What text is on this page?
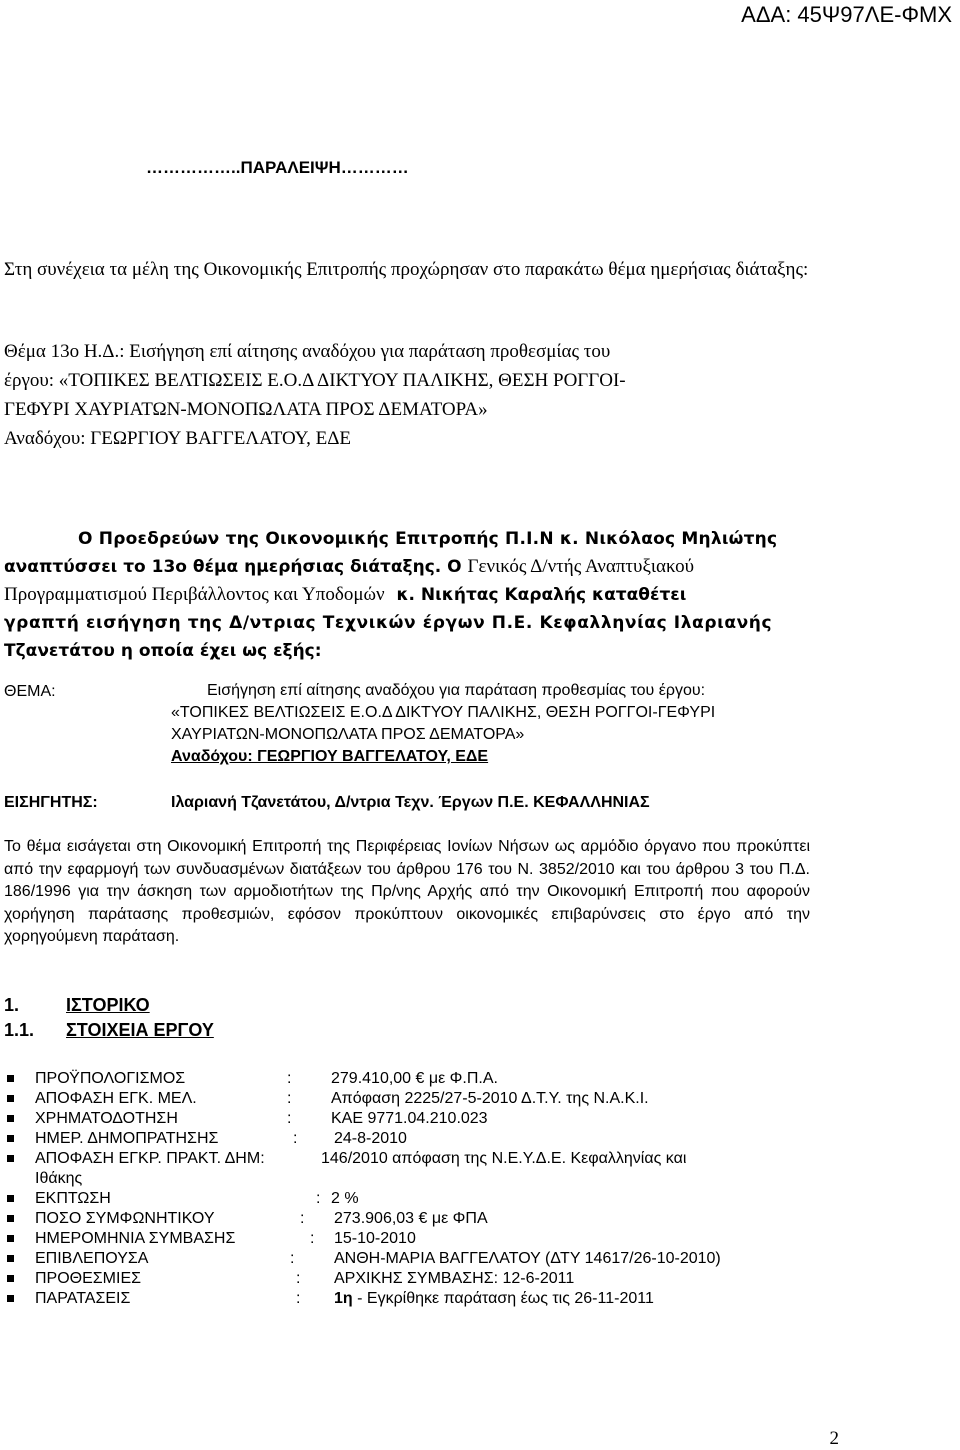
ΑΔΑ: 45Ψ97ΛΕ-ΦΜΧ
……………..ΠΑΡΑΛΕΙΨΗ…………
Στη συνέχεια τα μέλη της Οικονομικής Επιτροπής προχώρησαν στο παρακάτω θέμα ημερήσιας διάταξης:

Θέμα 13ο Η.Δ.: Εισήγηση επί αίτησης αναδόχου για παράταση προθεσμίας του

έργου: «ΤΟΠΙΚΕΣ ΒΕΛΤΙΩΣΕΙΣ Ε.Ο.Δ ΔΙΚΤΥΟΥ ΠΑΛΙΚΗΣ, ΘΕΣΗ ΡΟΓΓΟΙ-

ΓΕΦΥΡΙ ΧΑΥΡΙΑΤΩΝ-ΜΟΝΟΠΩΛΑΤΑ ΠΡΟΣ ΔΕΜΑΤΟΡΑ»

Αναδόχου: ΓΕΩΡΓΙΟΥ ΒΑΓΓΕΛΑΤΟΥ, ΕΔΕ

Ο Προεδρεύων της Οικονομικής Επιτροπής Π.Ι.Ν κ. Νικόλαος Μηλιώτης

αναπτύσσει το 13ο θέμα ημερήσιας διάταξης. Ο Γενικός Δ/ντής Αναπτυξιακού

Προγραμματισμού Περιβάλλοντος και Υποδομών κ. Νικήτας Καραλής καταθέτει

γραπτή εισήγηση της Δ/ντριας Τεχνικών έργων Π.Ε. Κεφαλληνίας Ιλαριανής

Τζανετάτου η οποία έχει ως εξής:

ΘΕΜΑ:	Εισήγηση επί αίτησης αναδόχου για παράταση προθεσμίας του έργου:

«ΤΟΠΙΚΕΣ ΒΕΛΤΙΩΣΕΙΣ Ε.Ο.Δ ΔΙΚΤΥΟΥ ΠΑΛΙΚΗΣ, ΘΕΣΗ ΡΟΓΓΟΙ-ΓΕΦΥΡΙ

ΧΑΥΡΙΑΤΩΝ-ΜΟΝΟΠΩΛΑΤΑ ΠΡΟΣ ΔΕΜΑΤΟΡΑ»

Αναδόχου: ΓΕΩΡΓΙΟΥ ΒΑΓΓΕΛΑΤΟΥ, ΕΔΕ

ΕΙΣΗΓΗΤΗΣ:	Ιλαριανή Τζανετάτου, Δ/ντρια Τεχν. Έργων Π.Ε. ΚΕΦΑΛΛΗΝΙΑΣ
Το θέμα εισάγεται στη Οικονομική Επιτροπή της Περιφέρειας Ιονίων Νήσων ως αρμόδιο όργανο που προκύπτει από την εφαρμογή των συνδυασμένων διατάξεων του άρθρου 176 του Ν. 3852/2010 και του άρθρου 3 του Π.Δ. 186/1996 για την άσκηση των αρμοδιοτήτων της Πρ/νης Αρχής από την Οικονομική Επιτροπή που αφορούν χορήγηση παράτασης προθεσμιών, εφόσον προκύπτουν οικονομικές επιβαρύνσεις στο έργο από την χορηγούμενη παράταση.
1.	ΙΣΤΟΡΙΚΟ
1.1. ΣΤΟΙΧΕΙΑ ΕΡΓΟΥ
ΠΡΟΫΠΟΛΟΓΙΣΜΟΣ	: 279.410,00 € με Φ.Π.Α.
ΑΠΟΦΑΣΗ ΕΓΚ. ΜΕΛ.	: Απόφαση 2225/27-5-2010 Δ.Τ.Υ. της Ν.Α.Κ.Ι.
ΧΡΗΜΑΤΟΔΟΤΗΣΗ	: ΚΑΕ 9771.04.210.023
ΗΜΕΡ. ΔΗΜΟΠΡΑΤΗΣΗΣ	: 24-8-2010
ΑΠΟΦΑΣΗ ΕΓΚΡ. ΠΡΑΚΤ. ΔΗΜ:	146/2010 απόφαση της Ν.Ε.Υ.Δ.Ε. Κεφαλληνίας και
Ιθάκης
ΕΚΠΤΩΣΗ	: 2 %
ΠΟΣΟ ΣΥΜΦΩΝΗΤΙΚΟΥ	: 273.906,03 € με ΦΠΑ
ΗΜΕΡΟΜΗΝΙΑ ΣΥΜΒΑΣΗΣ	: 15-10-2010
ΕΠΙΒΛΕΠΟΥΣΑ	: ΑΝΘΗ-ΜΑΡΙΑ ΒΑΓΓΕΛΑΤΟΥ (ΔΤΥ 14617/26-10-2010)
ΠΡΟΘΕΣΜΙΕΣ	: ΑΡΧΙΚΗΣ ΣΥΜΒΑΣΗΣ: 12-6-2011
ΠΑΡΑΤΑΣΕΙΣ	: 1η - Εγκρίθηκε παράταση έως τις 26-11-2011
2
